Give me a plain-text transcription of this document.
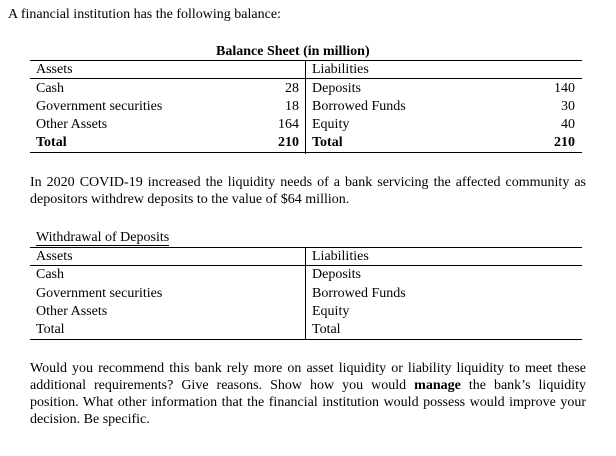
A financial institution has the following balance:
Balance Sheet (in million)
Assets	Liabilities
Cash	28 Deposits	140
Government securities	18 Borrowed Funds	30
Other Assets	164 Equity	40
Total	210 Total	210
In 2020 COVID-19 increased the liquidity needs of a bank servicing the affected community as depositors withdrew deposits to the value of $64 million.
Withdrawal of Deposits
Assets	Liabilities
Cash	Deposits
Government securities	Borrowed Funds
Other Assets	Equity
Total	Total
Would you recommend this bank rely more on asset liquidity or liability liquidity to meet these additional requirements? Give reasons. Show how you would manage the bank’s liquidity position. What other information that the financial institution would possess would improve your decision. Be specific.
